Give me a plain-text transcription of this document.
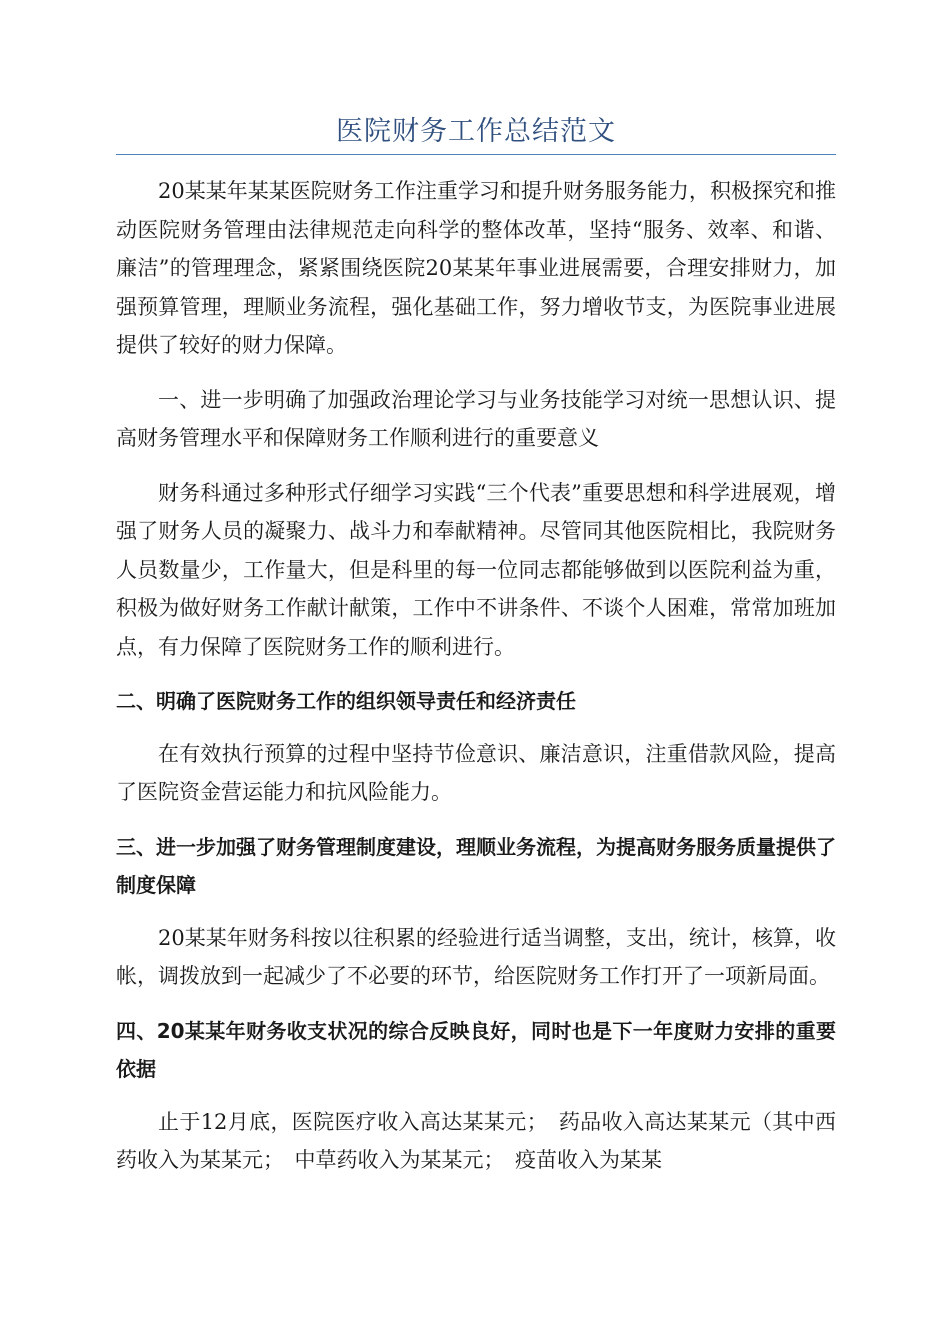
医院财务工作总结范文

20某某年某某医院财务工作注重学习和提升财务服务能力，积极探究和推动医院财务管理由法律规范走向科学的整体改革，坚持“服务、效率、和谐、廉洁”的管理理念，紧紧围绕医院20某某年事业进展需要，合理安排财力，加强预算管理，理顺业务流程，强化基础工作，努力增收节支，为医院事业进展提供了较好的财力保障。

一、进一步明确了加强政治理论学习与业务技能学习对统一思想认识、提高财务管理水平和保障财务工作顺利进行的重要意义

财务科通过多种形式仔细学习实践“三个代表”重要思想和科学进展观，增强了财务人员的凝聚力、战斗力和奉献精神。尽管同其他医院相比，我院财务人员数量少，工作量大，但是科里的每一位同志都能够做到以医院利益为重，积极为做好财务工作献计献策，工作中不讲条件、不谈个人困难，常常加班加点，有力保障了医院财务工作的顺利进行。

二、明确了医院财务工作的组织领导责任和经济责任

在有效执行预算的过程中坚持节俭意识、廉洁意识，注重借款风险，提高了医院资金营运能力和抗风险能力。

三、进一步加强了财务管理制度建设，理顺业务流程，为提高财务服务质量提供了制度保障

20某某年财务科按以往积累的经验进行适当调整，支出，统计，核算，收帐，调拨放到一起减少了不必要的环节，给医院财务工作打开了一项新局面。

四、20某某年财务收支状况的综合反映良好，同时也是下一年度财力安排的重要依据

止于12月底，医院医疗收入高达某某元；　药品收入高达某某元（其中西药收入为某某元；　中草药收入为某某元；　疫苗收入为某某
